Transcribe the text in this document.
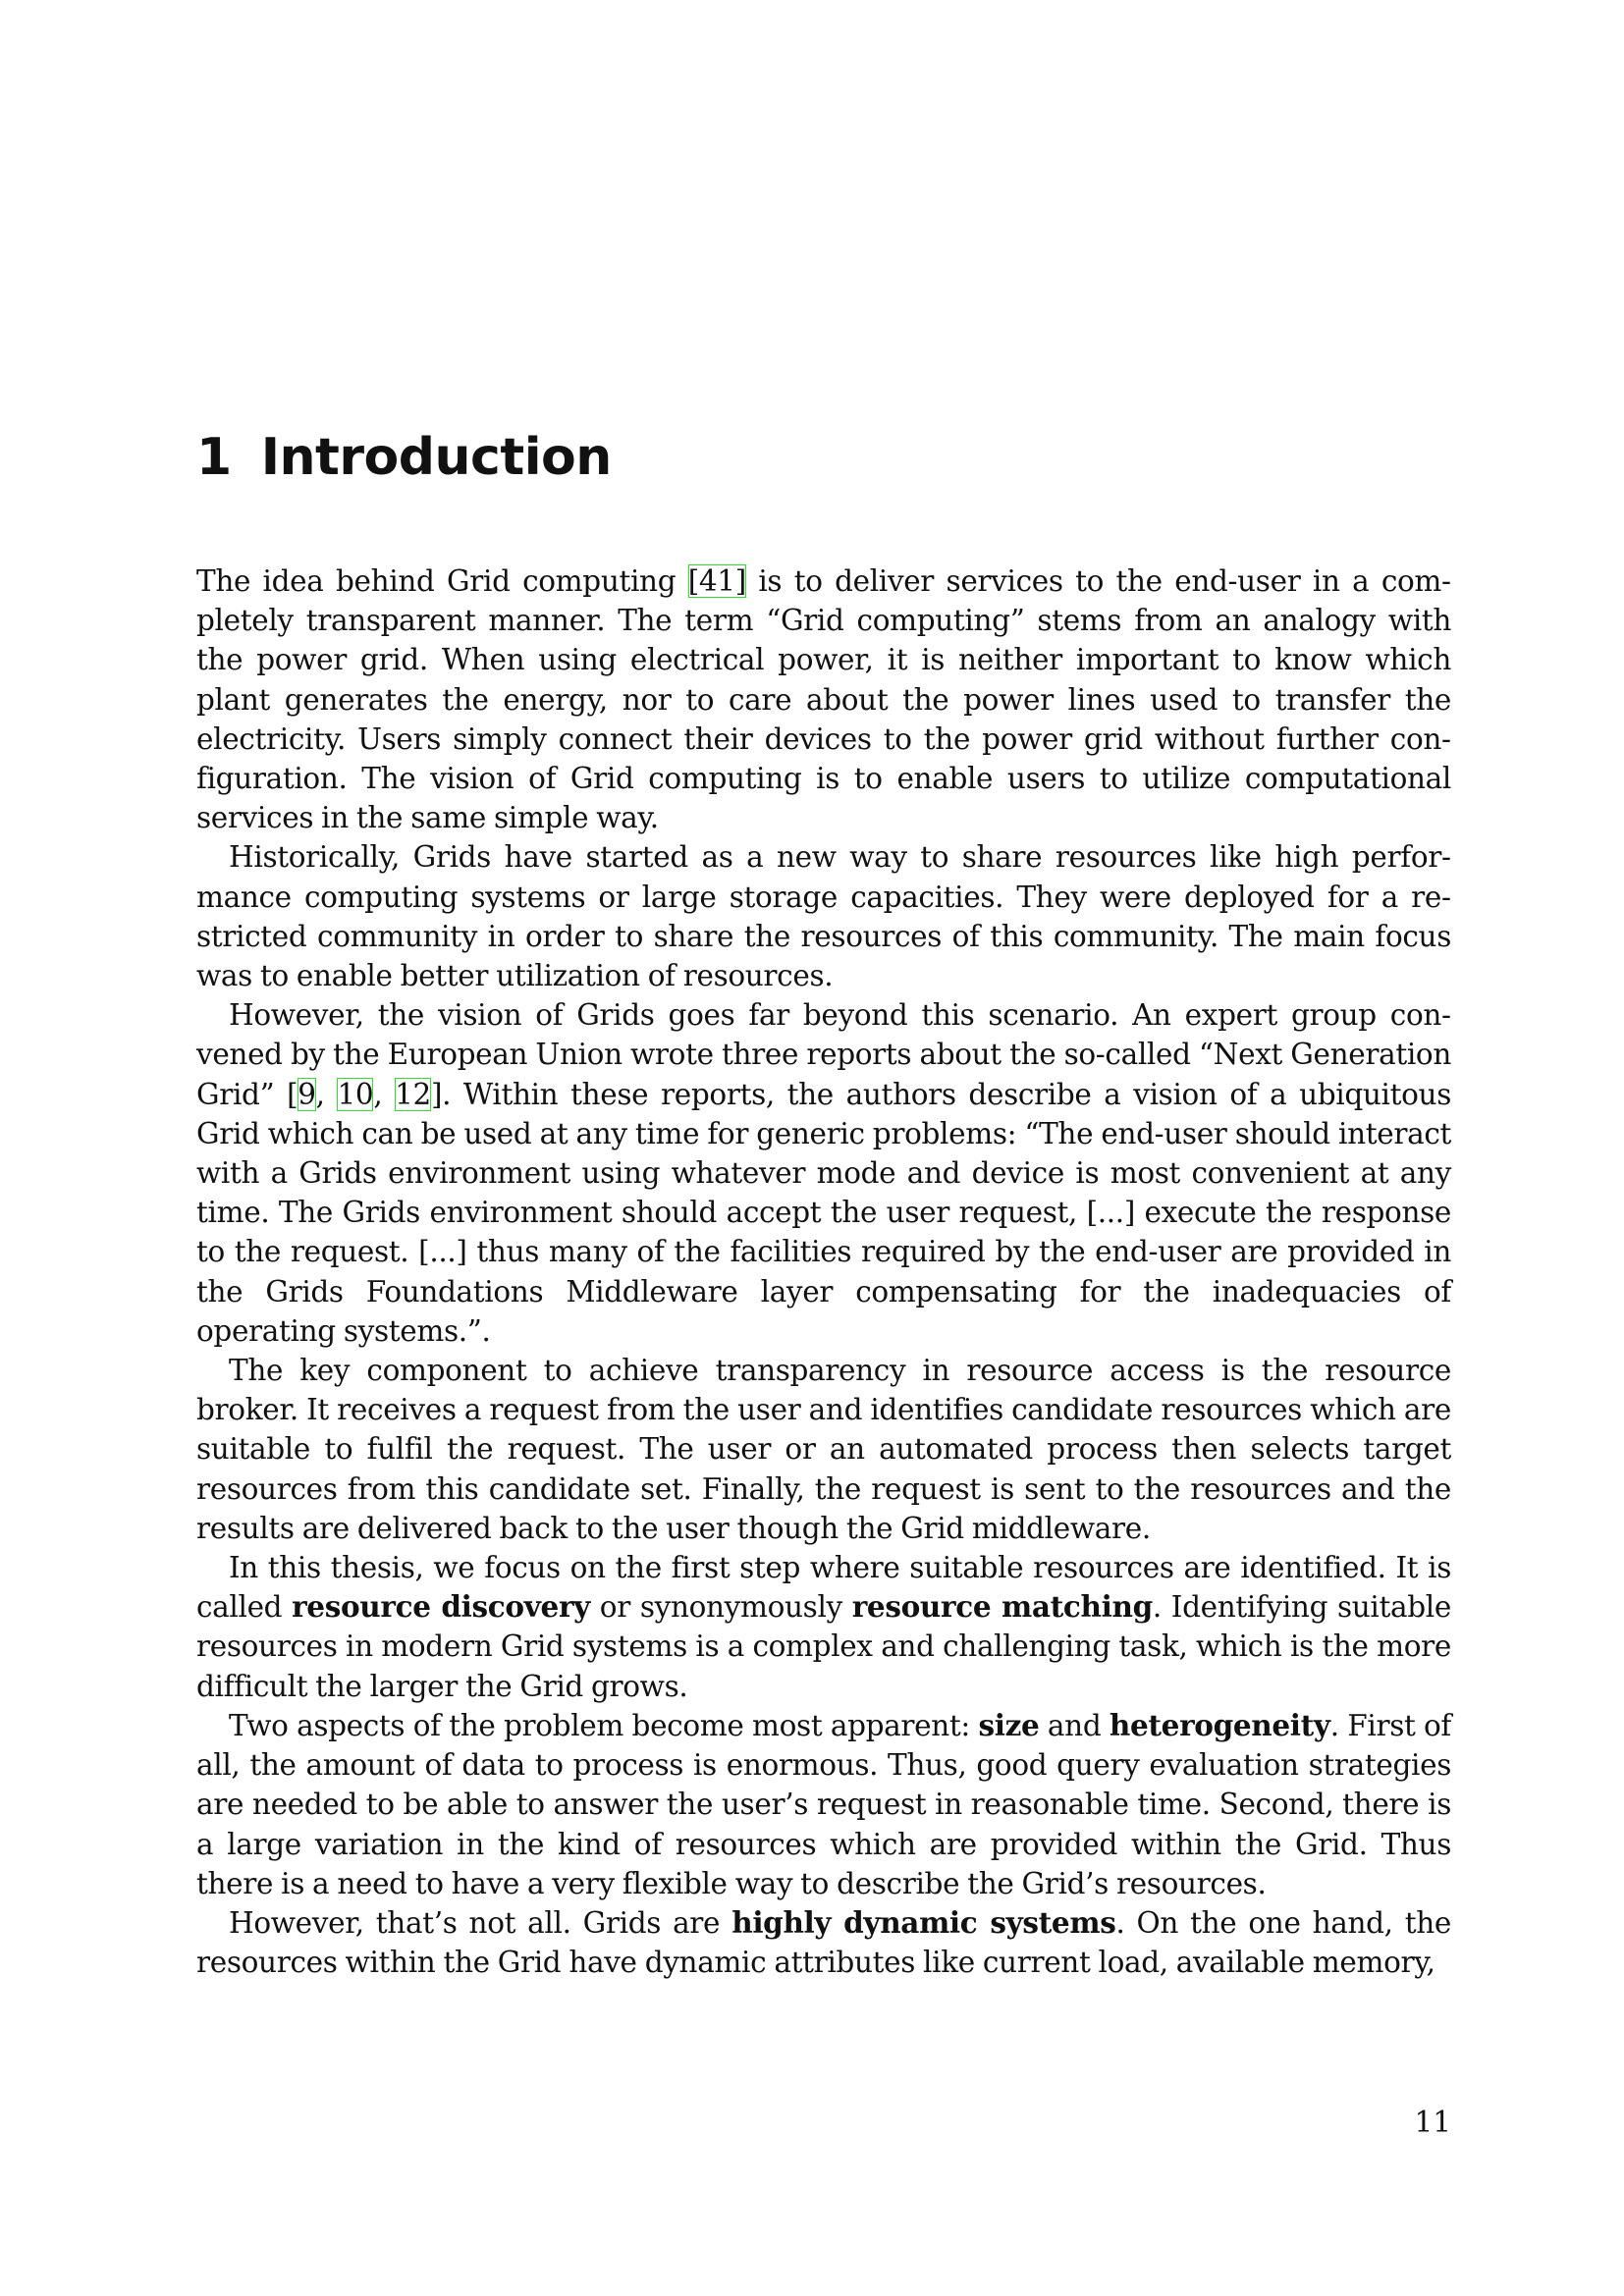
1 Introduction

The idea behind Grid computing [41] is to deliver services to the end-user in a completely transparent manner. The term “Grid computing” stems from an analogy with the power grid. When using electrical power, it is neither important to know which plant generates the energy, nor to care about the power lines used to transfer the electricity. Users simply connect their devices to the power grid without further configuration. The vision of Grid computing is to enable users to utilize computational services in the same simple way.

Historically, Grids have started as a new way to share resources like high performance computing systems or large storage capacities. They were deployed for a restricted community in order to share the resources of this community. The main focus was to enable better utilization of resources.

However, the vision of Grids goes far beyond this scenario. An expert group convened by the European Union wrote three reports about the so-called “Next Generation Grid” [9, 10, 12]. Within these reports, the authors describe a vision of a ubiquitous Grid which can be used at any time for generic problems: “The end-user should interact with a Grids environment using whatever mode and device is most convenient at any time. The Grids environment should accept the user request, [...] execute the response to the request. [...] thus many of the facilities required by the end-user are provided in the Grids Foundations Middleware layer compensating for the inadequacies of operating systems.”.

The key component to achieve transparency in resource access is the resource broker. It receives a request from the user and identifies candidate resources which are suitable to fulfil the request. The user or an automated process then selects target resources from this candidate set. Finally, the request is sent to the resources and the results are delivered back to the user though the Grid middleware.

In this thesis, we focus on the first step where suitable resources are identified. It is called resource discovery or synonymously resource matching. Identifying suitable resources in modern Grid systems is a complex and challenging task, which is the more difficult the larger the Grid grows.

Two aspects of the problem become most apparent: size and heterogeneity. First of all, the amount of data to process is enormous. Thus, good query evaluation strategies are needed to be able to answer the user’s request in reasonable time. Second, there is a large variation in the kind of resources which are provided within the Grid. Thus there is a need to have a very flexible way to describe the Grid’s resources.

However, that’s not all. Grids are highly dynamic systems. On the one hand, the resources within the Grid have dynamic attributes like current load, available memory,

11
